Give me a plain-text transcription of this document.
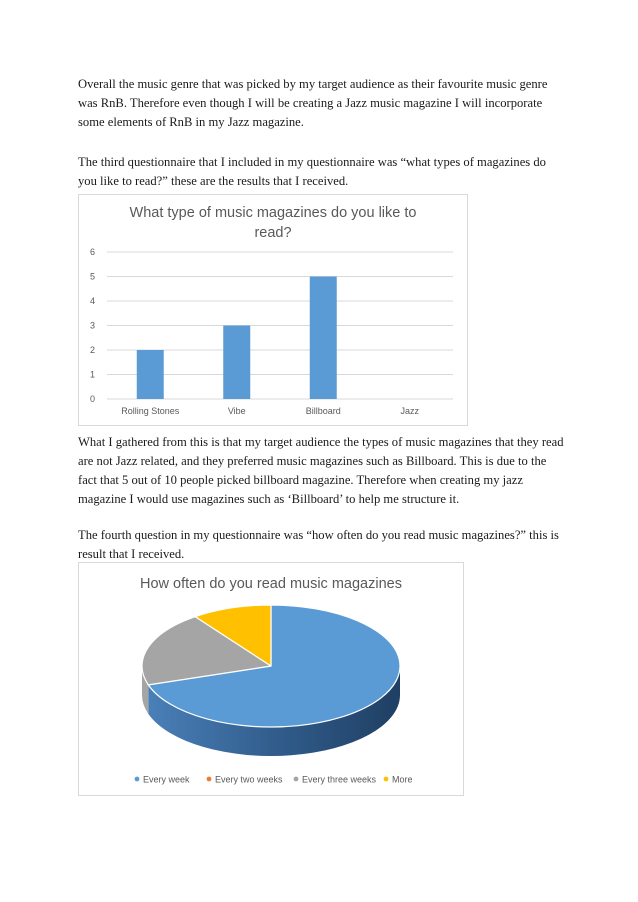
Overall the music genre that was picked by my target audience as their favourite music genre was RnB. Therefore even though I will be creating a Jazz music magazine I will incorporate some elements of RnB in my Jazz magazine.

The third questionnaire that I included in my questionnaire was “what types of magazines do you like to read?” these are the results that I received.

What type of music magazines do you like to
read?
Rolling Stones	Vibe	Billboard	Jazz
0
1
2
3
4
5
6

What I gathered from this is that my target audience the types of music magazines that they read are not Jazz related, and they preferred music magazines such as Billboard. This is due to the fact that 5 out of 10 people picked billboard magazine. Therefore when creating my jazz magazine I would use magazines such as ‘Billboard’ to help me structure it.

The fourth question in my questionnaire was “how often do you read music magazines?” this is result that I received.

How often do you read music magazines
Every week	Every two weeks Every three weeks More
